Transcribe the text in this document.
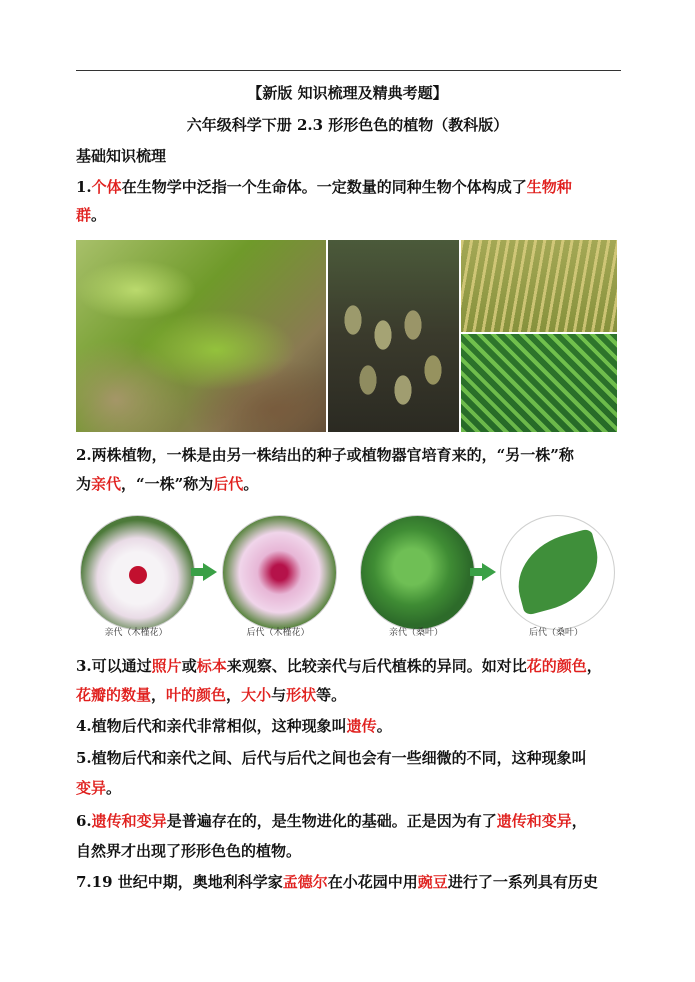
【新版 知识梳理及精典考题】
六年级科学下册 2.3 形形色色的植物（教科版）
基础知识梳理
1.个体在生物学中泛指一个生命体。一定数量的同种生物个体构成了生物种
群。
2.两株植物，一株是由另一株结出的种子或植物器官培育来的，“另一株”称
为亲代，“一株”称为后代。
亲代（木槿花）	后代（木槿花）	亲代（桑叶）	后代（桑叶）
3.可以通过照片或标本来观察、比较亲代与后代植株的异同。如对比花的颜色，
花瓣的数量，叶的颜色，大小与形状等。
4.植物后代和亲代非常相似，这种现象叫遗传。
5.植物后代和亲代之间、后代与后代之间也会有一些细微的不同，这种现象叫
变异。
6.遗传和变异是普遍存在的，是生物进化的基础。正是因为有了遗传和变异，
自然界才出现了形形色色的植物。
7.19 世纪中期，奥地利科学家孟德尔在小花园中用豌豆进行了一系列具有历史
